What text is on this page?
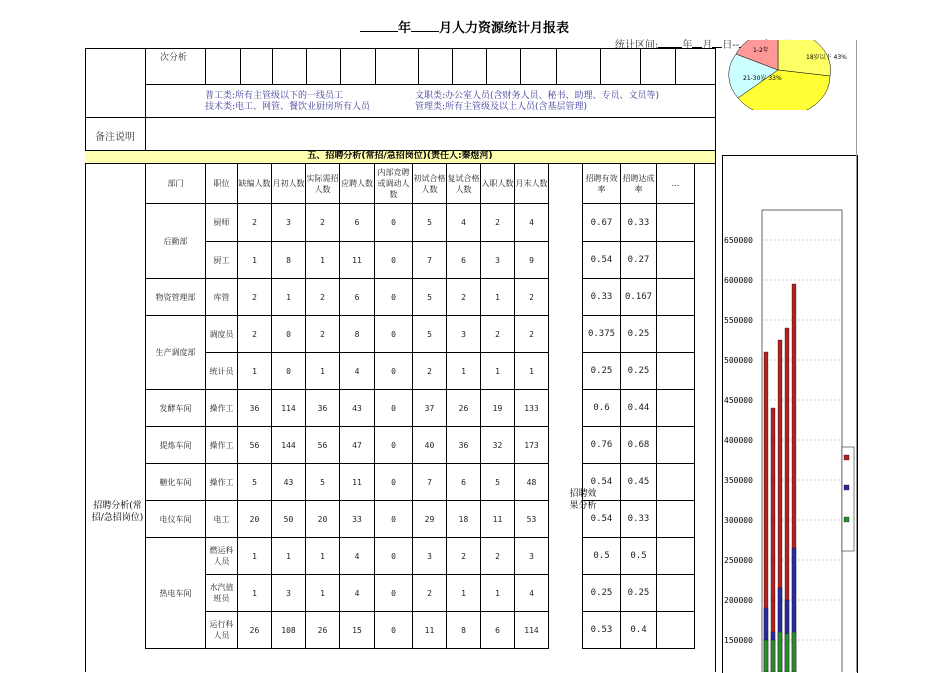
年 月人力资源统计月报表
统计区间: 年 月 日--
次分析
普工类:所有主管级以下的一线员工	文职类:办公室人员(含财务人员、秘书、助理、专员、文员等)
技术类:电工、网管、餐饮业厨房所有人员	管理类:所有主管级及以上人员(含基层管理)
备注说明
1-2年
18岁以下 43%
21-30岁 33%
五、招聘分析(常招/急招岗位)(责任人:秦煜河)
部门	职位	缺编人数	月初人数	实际需招人数	应聘人数	内部竞聘或调动人数	初试合格人数	复试合格人数	入职人数	月末人数		招聘有效率	招聘达成率	…
后勤部	厨师	2	3	2	6	0	5	4	2	4		0.67	0.33	
	厨工	1	8	1	11	0	7	6	3	9		0.54	0.27	
物资管理部	库管	2	1	2	6	0	5	2	1	2		0.33	0.167	
生产调度部	调度员	2	0	2	8	0	5	3	2	2		0.375	0.25	
	统计员	1	0	1	4	0	2	1	1	1		0.25	0.25	
发酵车间	操作工	36	114	36	43	0	37	26	19	133		0.6	0.44	
提炼车间	操作工	56	144	56	47	0	40	36	32	173		0.76	0.68	
糖化车间	操作工	5	43	5	11	0	7	6	5	48		0.54	0.45	
电仪车间	电工	20	50	20	33	0	29	18	11	53		0.54	0.33	
热电车间	燃运科人员	1	1	1	4	0	3	2	2	3		0.5	0.5	
	水汽值班员	1	3	1	4	0	2	1	1	4		0.25	0.25	
	运行科人员	26	108	26	15	0	11	8	6	114		0.53	0.4	
招聘分析(常招/急招岗位)
招聘效果分析
650000
600000
550000
500000
450000
400000
350000
300000
250000
200000
150000
